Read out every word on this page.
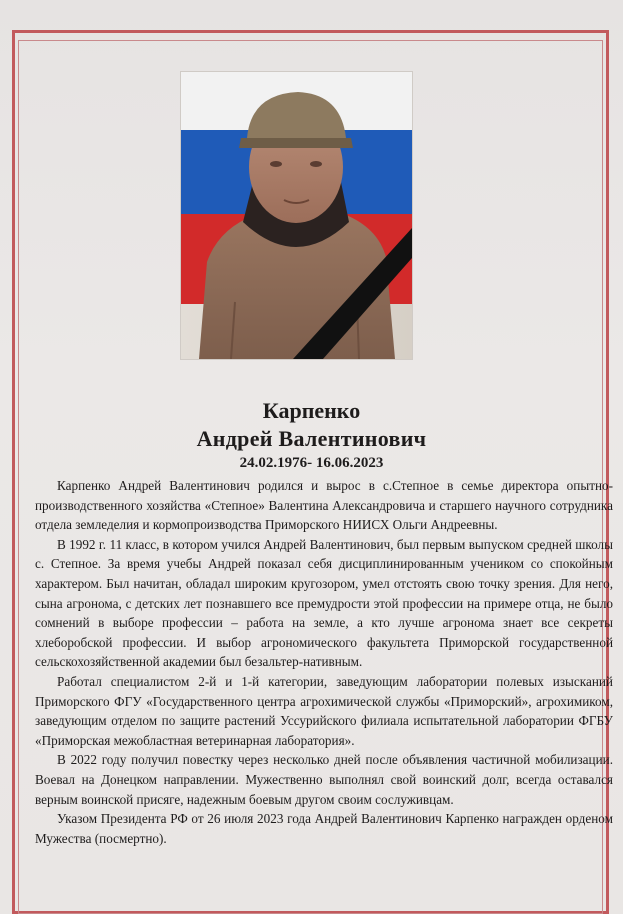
Карпенко
Андрей Валентинович
24.02.1976- 16.06.2023

Карпенко Андрей Валентинович родился и вырос в с.Степное в семье директора опытно- производственного хозяйства «Степное» Валентина Александровича и старшего научного сотрудника отдела земледелия и кормопроизводства Приморского НИИСХ Ольги Андреевны.

В 1992 г. 11 класс, в котором учился Андрей Валентинович, был первым выпуском средней школы с. Степное. За время учебы Андрей показал себя дисциплинированным учеником со спокойным характером. Был начитан, обладал широким кругозором, умел отстоять свою точку зрения. Для него, сына агронома, с детских лет познавшего все премудрости этой профессии на примере отца, не было сомнений в выборе профессии – работа на земле, а кто лучше агронома знает все секреты хлеборобской профессии. И выбор агрономического факультета Приморской государственной сельскохозяйственной академии был безальтер-нативным.

Работал специалистом 2-й и 1-й категории, заведующим лаборатории полевых изысканий Приморского ФГУ «Государственного центра агрохимической службы «Приморский», агрохимиком, заведующим отделом по защите растений Уссурийского филиала испытательной лаборатории ФГБУ «Приморская межобластная ветеринарная лаборатория».

В 2022 году получил повестку через несколько дней после объявления частичной мобилизации. Воевал на Донецком направлении. Мужественно выполнял свой воинский долг, всегда оставался верным воинской присяге, надежным боевым другом своим сослуживцам.

Указом Президента РФ от 26 июля 2023 года Андрей Валентинович Карпенко награжден орденом Мужества (посмертно).
